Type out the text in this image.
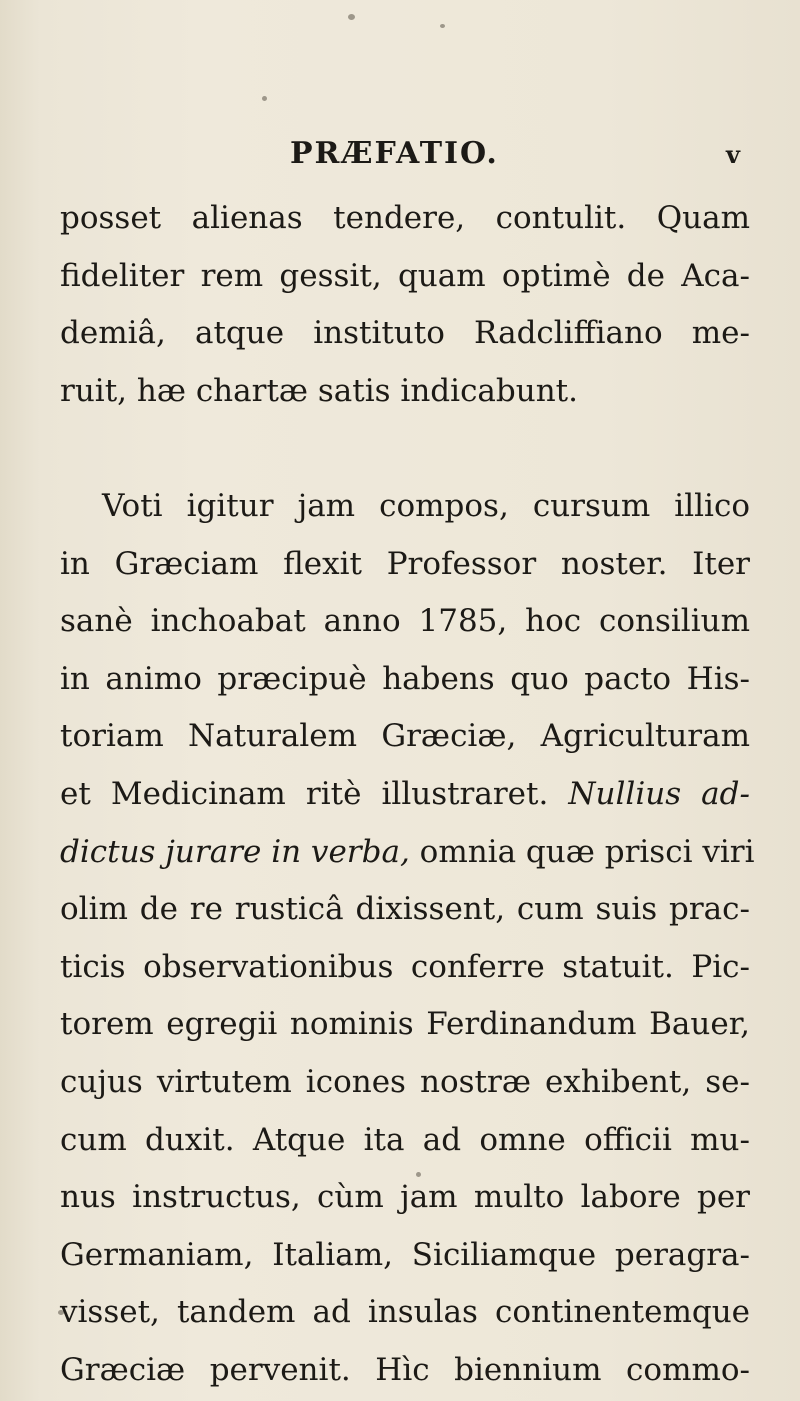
PRÆFATIO.	v
posset alienas tendere, contulit. Quam
fideliter rem gessit, quam optimè de Aca-
demiâ, atque instituto Radcliffiano me-
ruit, hæ chartæ satis indicabunt.
Voti igitur jam compos, cursum illico
in Græciam flexit Professor noster. Iter
sanè inchoabat anno 1785, hoc consilium
in animo præcipuè habens quo pacto His-
toriam Naturalem Græciæ, Agriculturam
et Medicinam ritè illustraret. Nullius ad-
dictus jurare in verba, omnia quæ prisci viri
olim de re rusticâ dixissent, cum suis prac-
ticis observationibus conferre statuit. Pic-
torem egregii nominis Ferdinandum Bauer,
cujus virtutem icones nostræ exhibent, se-
cum duxit. Atque ita ad omne officii mu-
nus instructus, cùm jam multo labore per
Germaniam, Italiam, Siciliamque peragra-
visset, tandem ad insulas continentemque
Græciæ pervenit. Hìc biennium commo-
